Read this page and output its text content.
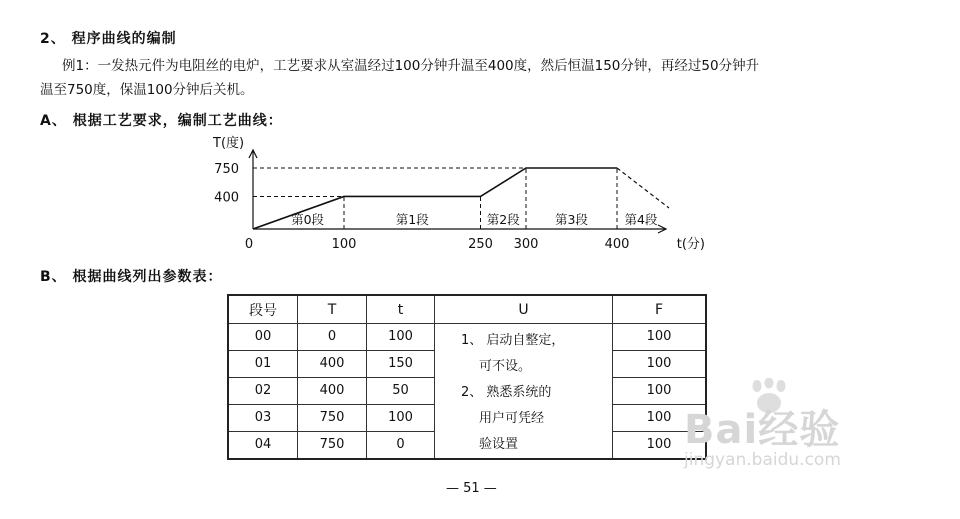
2、 程序曲线的编制
例1：一发热元件为电阻丝的电炉，工艺要求从室温经过100分钟升温至400度，然后恒温150分钟，再经过50分钟升
温至750度，保温100分钟后关机。
A、 根据工艺要求，编制工艺曲线：
T(度)
t(分)
400
750
0	100	250 300	400
第0段	第1段	第2段	第3段	第4段
B、 根据曲线列出参数表：
段号	T	t	U	F
00	0	100	1、 启动自整定，
可不设。
2、 熟悉系统的
用户可凭经
验设置	100
01	400	150		100
02	400	50		100
03	750	100		100
04	750	0		100
— 51 —
Bai经验
jingyan.baidu.com
